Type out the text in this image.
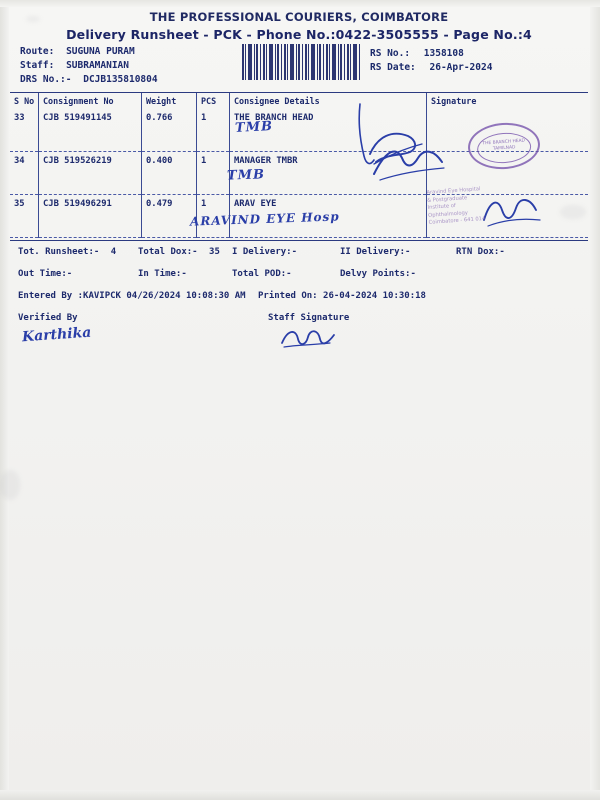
THE PROFESSIONAL COURIERS, COIMBATORE
Delivery Runsheet - PCK - Phone No.:0422-3505555 - Page No.:4
Route: SUGUNA PURAM
Staff: SUBRAMANIAN
DRS No.:- DCJB135810804
RS No.: 1358108
RS Date: 26-Apr-2024
S No	Consignment No	Weight	PCS	Consignee Details	Signature
33	CJB 519491145	0.766	1	THE BRANCH HEAD	
34	CJB 519526219	0.400	1	MANAGER TMBR	
35	CJB 519496291	0.479	1	ARAV EYE	
Tot. Runsheet:- 4 Total Dox:- 35 I Delivery:-	II Delivery:-	RTN Dox:-
Out Time:-	In Time:-	Total POD:-	Delvy Points:-
Entered By :KAVIPCK 04/26/2024 10:08:30 AM Printed On: 26-04-2024 10:30:18
Verified By	Staff Signature
Karthika
TMB
TMB
ARAVIND EYE Hosp
THE BRANCH HEAD
TAMILNAD
Aravind Eye Hospital
& Postgraduate
Institute of
Ophthalmology
Coimbatore - 641 014
